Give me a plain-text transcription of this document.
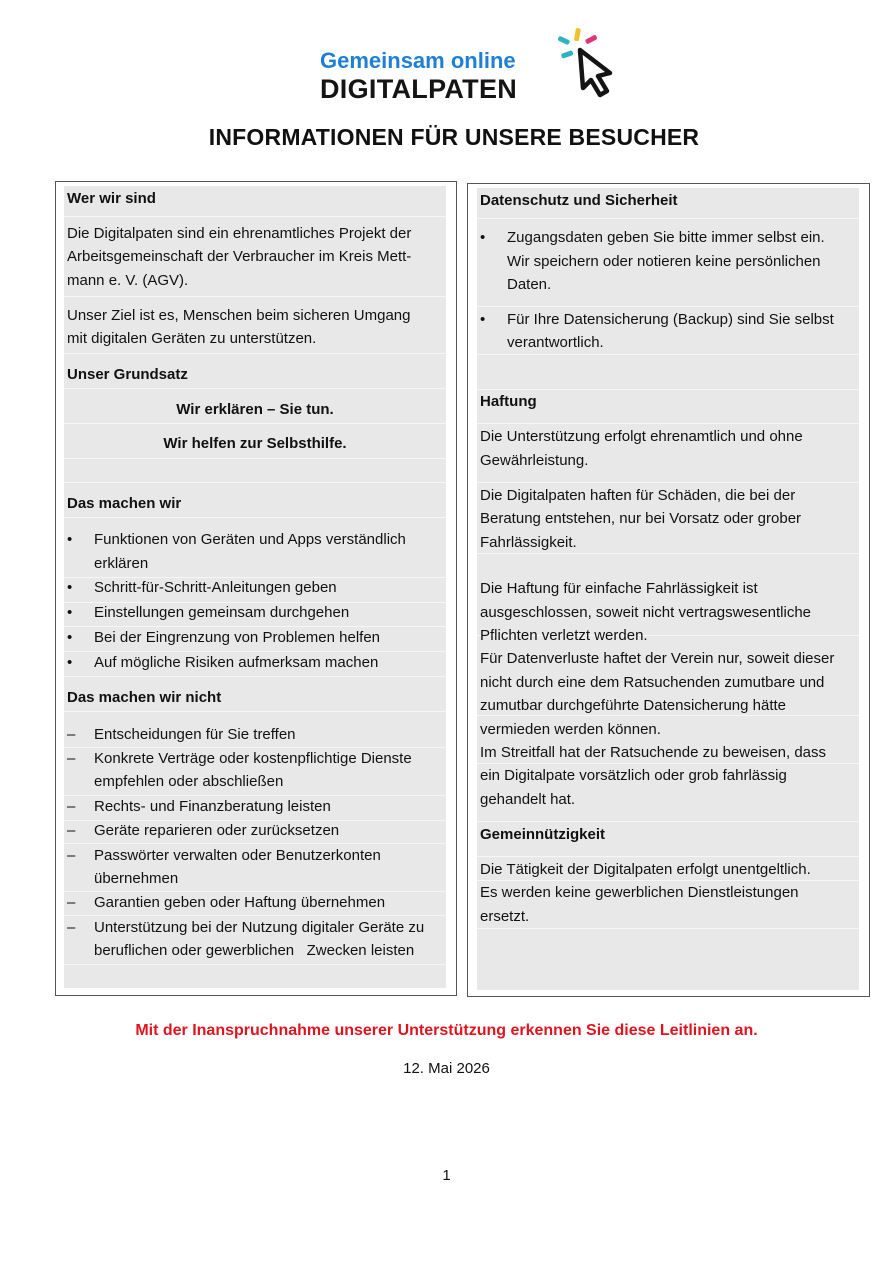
Gemeinsam online
DIGITALPATEN
INFORMATIONEN FÜR UNSERE BESUCHER
Wer wir sind
Die Digitalpaten sind ein ehrenamtliches Projekt der
Arbeitsgemeinschaft der Verbraucher im Kreis Mett-
mann e. V. (AGV).
Unser Ziel ist es, Menschen beim sicheren Umgang
mit digitalen Geräten zu unterstützen.
Unser Grundsatz
Wir erklären – Sie tun.
Wir helfen zur Selbsthilfe.
Das machen wir
•	Funktionen von Geräten und Apps verständlich
erklären
•	Schritt-für-Schritt-Anleitungen geben
•	Einstellungen gemeinsam durchgehen
•	Bei der Eingrenzung von Problemen helfen
•	Auf mögliche Risiken aufmerksam machen
Das machen wir nicht
–	Entscheidungen für Sie treffen
–	Konkrete Verträge oder kostenpflichtige Dienste
empfehlen oder abschließen
–	Rechts- und Finanzberatung leisten
–	Geräte reparieren oder zurücksetzen
–	Passwörter verwalten oder Benutzerkonten
übernehmen
–	Garantien geben oder Haftung übernehmen
–	Unterstützung bei der Nutzung digitaler Geräte zu
beruflichen oder gewerblichen   Zwecken leisten
Datenschutz und Sicherheit
•	Zugangsdaten geben Sie bitte immer selbst ein.
Wir speichern oder notieren keine persönlichen
Daten.
•	Für Ihre Datensicherung (Backup) sind Sie selbst
verantwortlich.
Haftung
Die Unterstützung erfolgt ehrenamtlich und ohne
Gewährleistung.
Die Digitalpaten haften für Schäden, die bei der
Beratung entstehen, nur bei Vorsatz oder grober
Fahrlässigkeit.
Die Haftung für einfache Fahrlässigkeit ist
ausgeschlossen, soweit nicht vertragswesentliche
Pflichten verletzt werden.
Für Datenverluste haftet der Verein nur, soweit dieser
nicht durch eine dem Ratsuchenden zumutbare und
zumutbar durchgeführte Datensicherung hätte
vermieden werden können.
Im Streitfall hat der Ratsuchende zu beweisen, dass
ein Digitalpate vorsätzlich oder grob fahrlässig
gehandelt hat.
Gemeinnützigkeit
Die Tätigkeit der Digitalpaten erfolgt unentgeltlich.
Es werden keine gewerblichen Dienstleistungen
ersetzt.
Mit der Inanspruchnahme unserer Unterstützung erkennen Sie diese Leitlinien an.
12. Mai 2026
1
